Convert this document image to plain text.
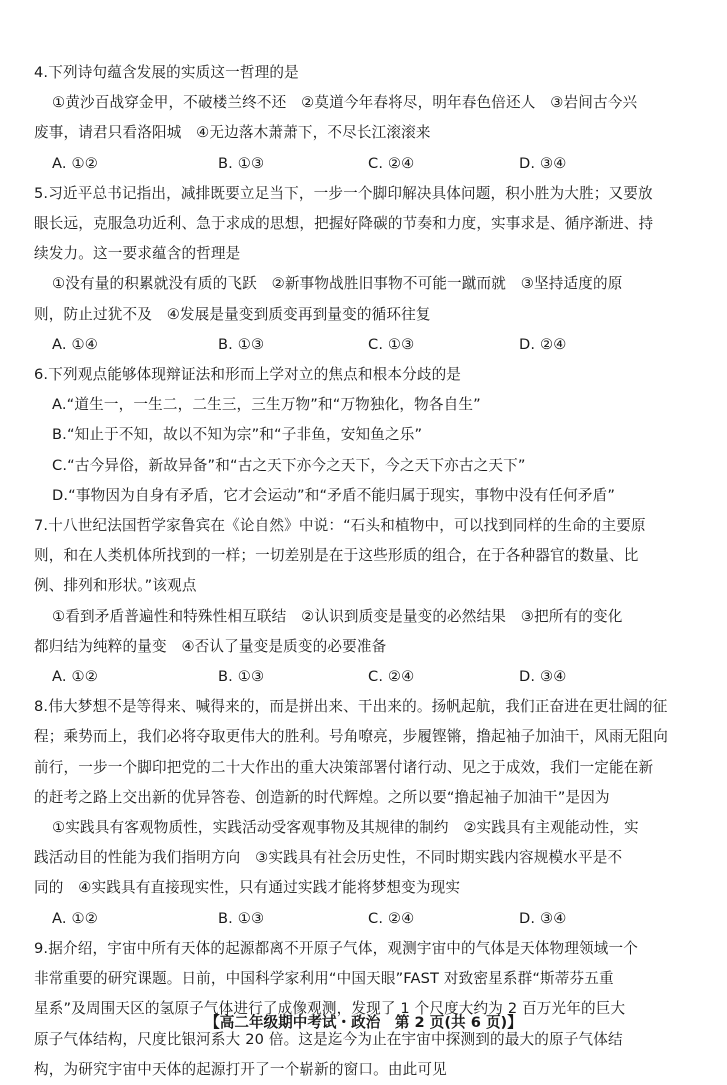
4.下列诗句蕴含发展的实质这一哲理的是
①黄沙百战穿金甲，不破楼兰终不还　②莫道今年春将尽，明年春色倍还人　③岩间古今兴
废事，请君只看洛阳城　④无边落木萧萧下，不尽长江滚滚来
A. ①②	B. ①③	C. ②④	D. ③④
5.习近平总书记指出，减排既要立足当下，一步一个脚印解决具体问题，积小胜为大胜；又要放
眼长远，克服急功近利、急于求成的思想，把握好降碳的节奏和力度，实事求是、循序渐进、持
续发力。这一要求蕴含的哲理是
①没有量的积累就没有质的飞跃　②新事物战胜旧事物不可能一蹴而就　③坚持适度的原
则，防止过犹不及　④发展是量变到质变再到量变的循环往复
A. ①④	B. ①③	C. ①③	D. ②④
6.下列观点能够体现辩证法和形而上学对立的焦点和根本分歧的是
A.“道生一，一生二，二生三，三生万物”和“万物独化，物各自生”
B.“知止于不知，故以不知为宗”和“子非鱼，安知鱼之乐”
C.“古今异俗，新故异备”和“古之天下亦今之天下，今之天下亦古之天下”
D.“事物因为自身有矛盾，它才会运动”和“矛盾不能归属于现实，事物中没有任何矛盾”
7.十八世纪法国哲学家鲁宾在《论自然》中说：“石头和植物中，可以找到同样的生命的主要原
则，和在人类机体所找到的一样；一切差别是在于这些形质的组合，在于各种器官的数量、比
例、排列和形状。”该观点
①看到矛盾普遍性和特殊性相互联结　②认识到质变是量变的必然结果　③把所有的变化
都归结为纯粹的量变　④否认了量变是质变的必要准备
A. ①②	B. ①③	C. ②④	D. ③④
8.伟大梦想不是等得来、喊得来的，而是拼出来、干出来的。扬帆起航，我们正奋进在更壮阔的征
程；乘势而上，我们必将夺取更伟大的胜利。号角嘹亮，步履铿锵，撸起袖子加油干，风雨无阻向
前行，一步一个脚印把党的二十大作出的重大决策部署付诸行动、见之于成效，我们一定能在新
的赶考之路上交出新的优异答卷、创造新的时代辉煌。之所以要“撸起袖子加油干”是因为
①实践具有客观物质性，实践活动受客观事物及其规律的制约　②实践具有主观能动性，实
践活动目的性能为我们指明方向　③实践具有社会历史性，不同时期实践内容规模水平是不
同的　④实践具有直接现实性，只有通过实践才能将梦想变为现实
A. ①②	B. ①③	C. ②④	D. ③④
9.据介绍，宇宙中所有天体的起源都离不开原子气体，观测宇宙中的气体是天体物理领域一个
非常重要的研究课题。日前，中国科学家利用“中国天眼”FAST 对致密星系群“斯蒂芬五重
星系”及周围天区的氢原子气体进行了成像观测，发现了 1 个尺度大约为 2 百万光年的巨大
原子气体结构，尺度比银河系大 20 倍。这是迄今为止在宇宙中探测到的最大的原子气体结
构，为研究宇宙中天体的起源打开了一个崭新的窗口。由此可见
【高二年级期中考试・政治　第 2 页(共 6 页)】
